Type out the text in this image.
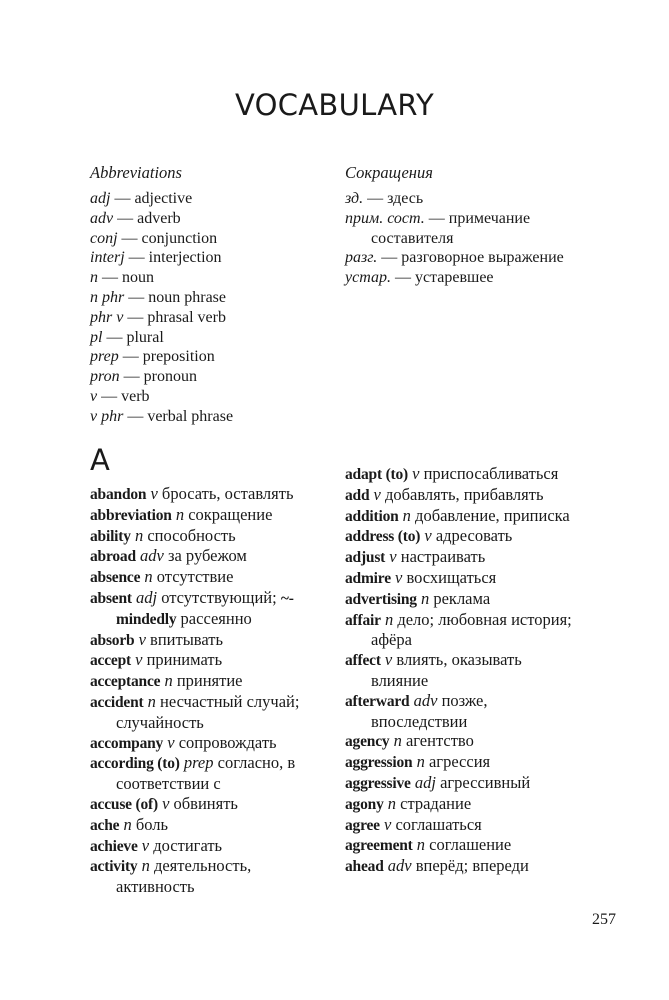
VOCABULARY
Abbreviations
adj — adjective
adv — adverb
conj — conjunction
interj — interjection
n — noun
n phr — noun phrase
phr v — phrasal verb
pl — plural
prep — preposition
pron — pronoun
v — verb
v phr — verbal phrase
Сокращения
зд. — здесь
прим. сост. — примечание составителя
разг. — разговорное выражение
устар. — устаревшее
A
abandon v бросать, оставлять
abbreviation n сокращение
ability n способность
abroad adv за рубежом
absence n отсутствие
absent adj отсутствующий; ~-mindedly рассеянно
absorb v впитывать
accept v принимать
acceptance n принятие
accident n несчастный случай; случайность
accompany v сопровождать
according (to) prep согласно, в соответствии с
accuse (of) v обвинять
ache n боль
achieve v достигать
activity n деятельность, активность
adapt (to) v приспосабливаться
add v добавлять, прибавлять
addition n добавление, приписка
address (to) v адресовать
adjust v настраивать
admire v восхищаться
advertising n реклама
affair n дело; любовная история; афёра
affect v влиять, оказывать влияние
afterward adv позже, впоследствии
agency n агентство
aggression n агрессия
aggressive adj агрессивный
agony n страдание
agree v соглашаться
agreement n соглашение
ahead adv вперёд; впереди
257
